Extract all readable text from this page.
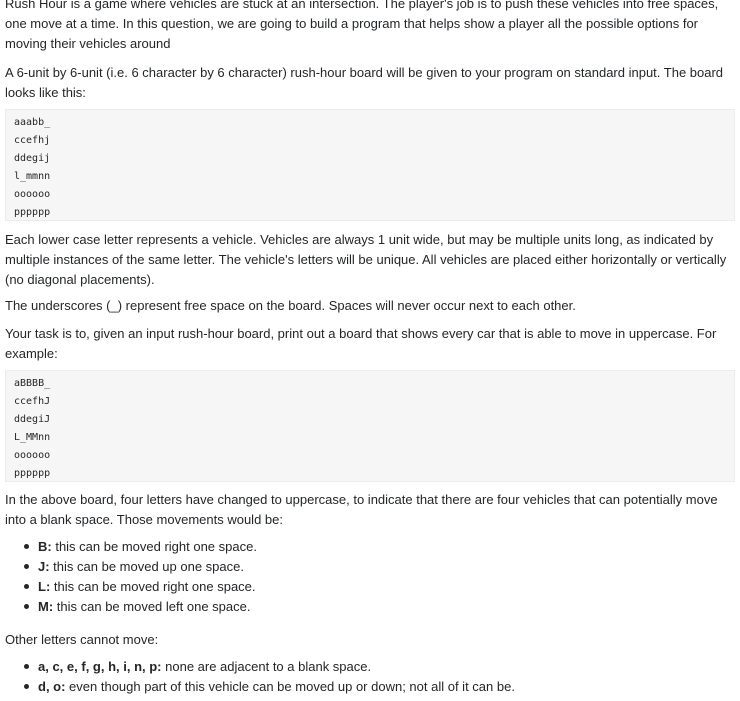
Rush Hour is a game where vehicles are stuck at an intersection. The player's job is to push these vehicles into free spaces, one move at a time. In this question, we are going to build a program that helps show a player all the possible options for moving their vehicles around

A 6-unit by 6-unit (i.e. 6 character by 6 character) rush-hour board will be given to your program on standard input. The board looks like this:

aaabb_
ccefhj
ddegij
l_mmnn
oooooo
pppppp

Each lower case letter represents a vehicle. Vehicles are always 1 unit wide, but may be multiple units long, as indicated by multiple instances of the same letter. The vehicle's letters will be unique. All vehicles are placed either horizontally or vertically (no diagonal placements).

The underscores (_) represent free space on the board. Spaces will never occur next to each other.

Your task is to, given an input rush-hour board, print out a board that shows every car that is able to move in uppercase. For example:

aBBBB_
ccefhJ
ddegiJ
L_MMnn
oooooo
pppppp

In the above board, four letters have changed to uppercase, to indicate that there are four vehicles that can potentially move into a blank space. Those movements would be:

B: this can be moved right one space.
J: this can be moved up one space.
L: this can be moved right one space.
M: this can be moved left one space.

Other letters cannot move:

a, c, e, f, g, h, i, n, p: none are adjacent to a blank space.
d, o: even though part of this vehicle can be moved up or down; not all of it can be.
